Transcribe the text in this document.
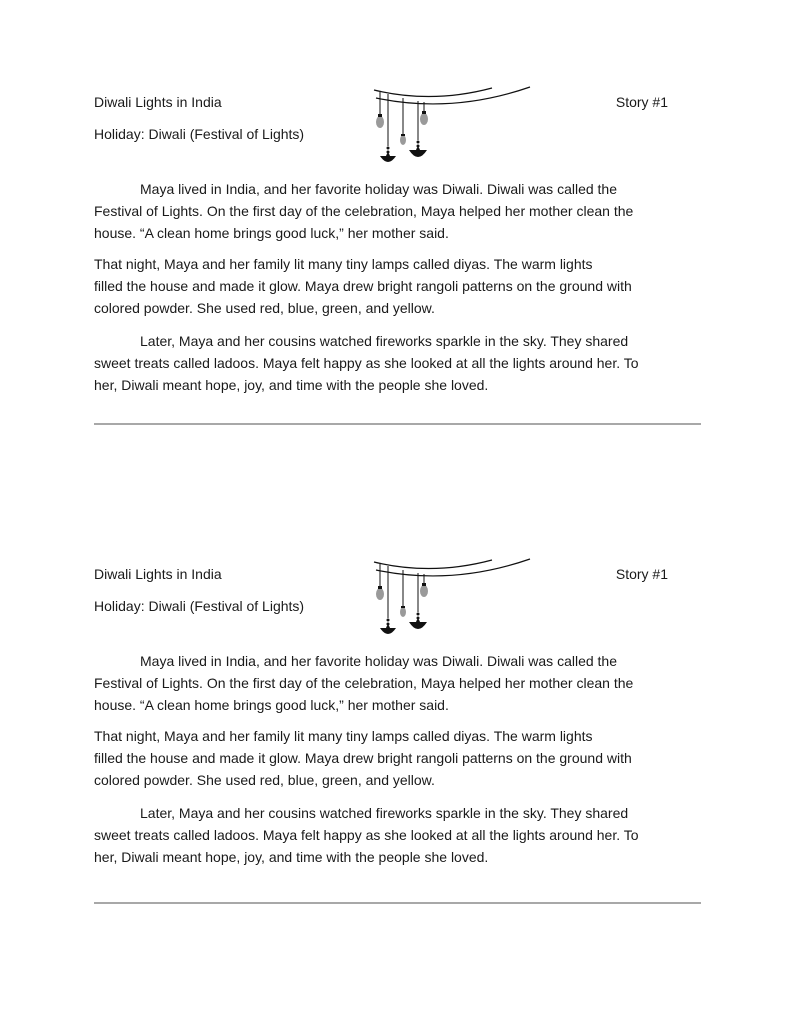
Diwali Lights in India
Holiday: Diwali (Festival of Lights)
Story #1

Maya lived in India, and her favorite holiday was Diwali. Diwali was called the
Festival of Lights. On the first day of the celebration, Maya helped her mother clean the
house. “A clean home brings good luck,” her mother said.

That night, Maya and her family lit many tiny lamps called diyas. The warm lights
filled the house and made it glow. Maya drew bright rangoli patterns on the ground with
colored powder. She used red, blue, green, and yellow.

Later, Maya and her cousins watched fireworks sparkle in the sky. They shared
sweet treats called ladoos. Maya felt happy as she looked at all the lights around her. To
her, Diwali meant hope, joy, and time with the people she loved.

Diwali Lights in India
Holiday: Diwali (Festival of Lights)
Story #1

Maya lived in India, and her favorite holiday was Diwali. Diwali was called the
Festival of Lights. On the first day of the celebration, Maya helped her mother clean the
house. “A clean home brings good luck,” her mother said.

That night, Maya and her family lit many tiny lamps called diyas. The warm lights
filled the house and made it glow. Maya drew bright rangoli patterns on the ground with
colored powder. She used red, blue, green, and yellow.

Later, Maya and her cousins watched fireworks sparkle in the sky. They shared
sweet treats called ladoos. Maya felt happy as she looked at all the lights around her. To
her, Diwali meant hope, joy, and time with the people she loved.
